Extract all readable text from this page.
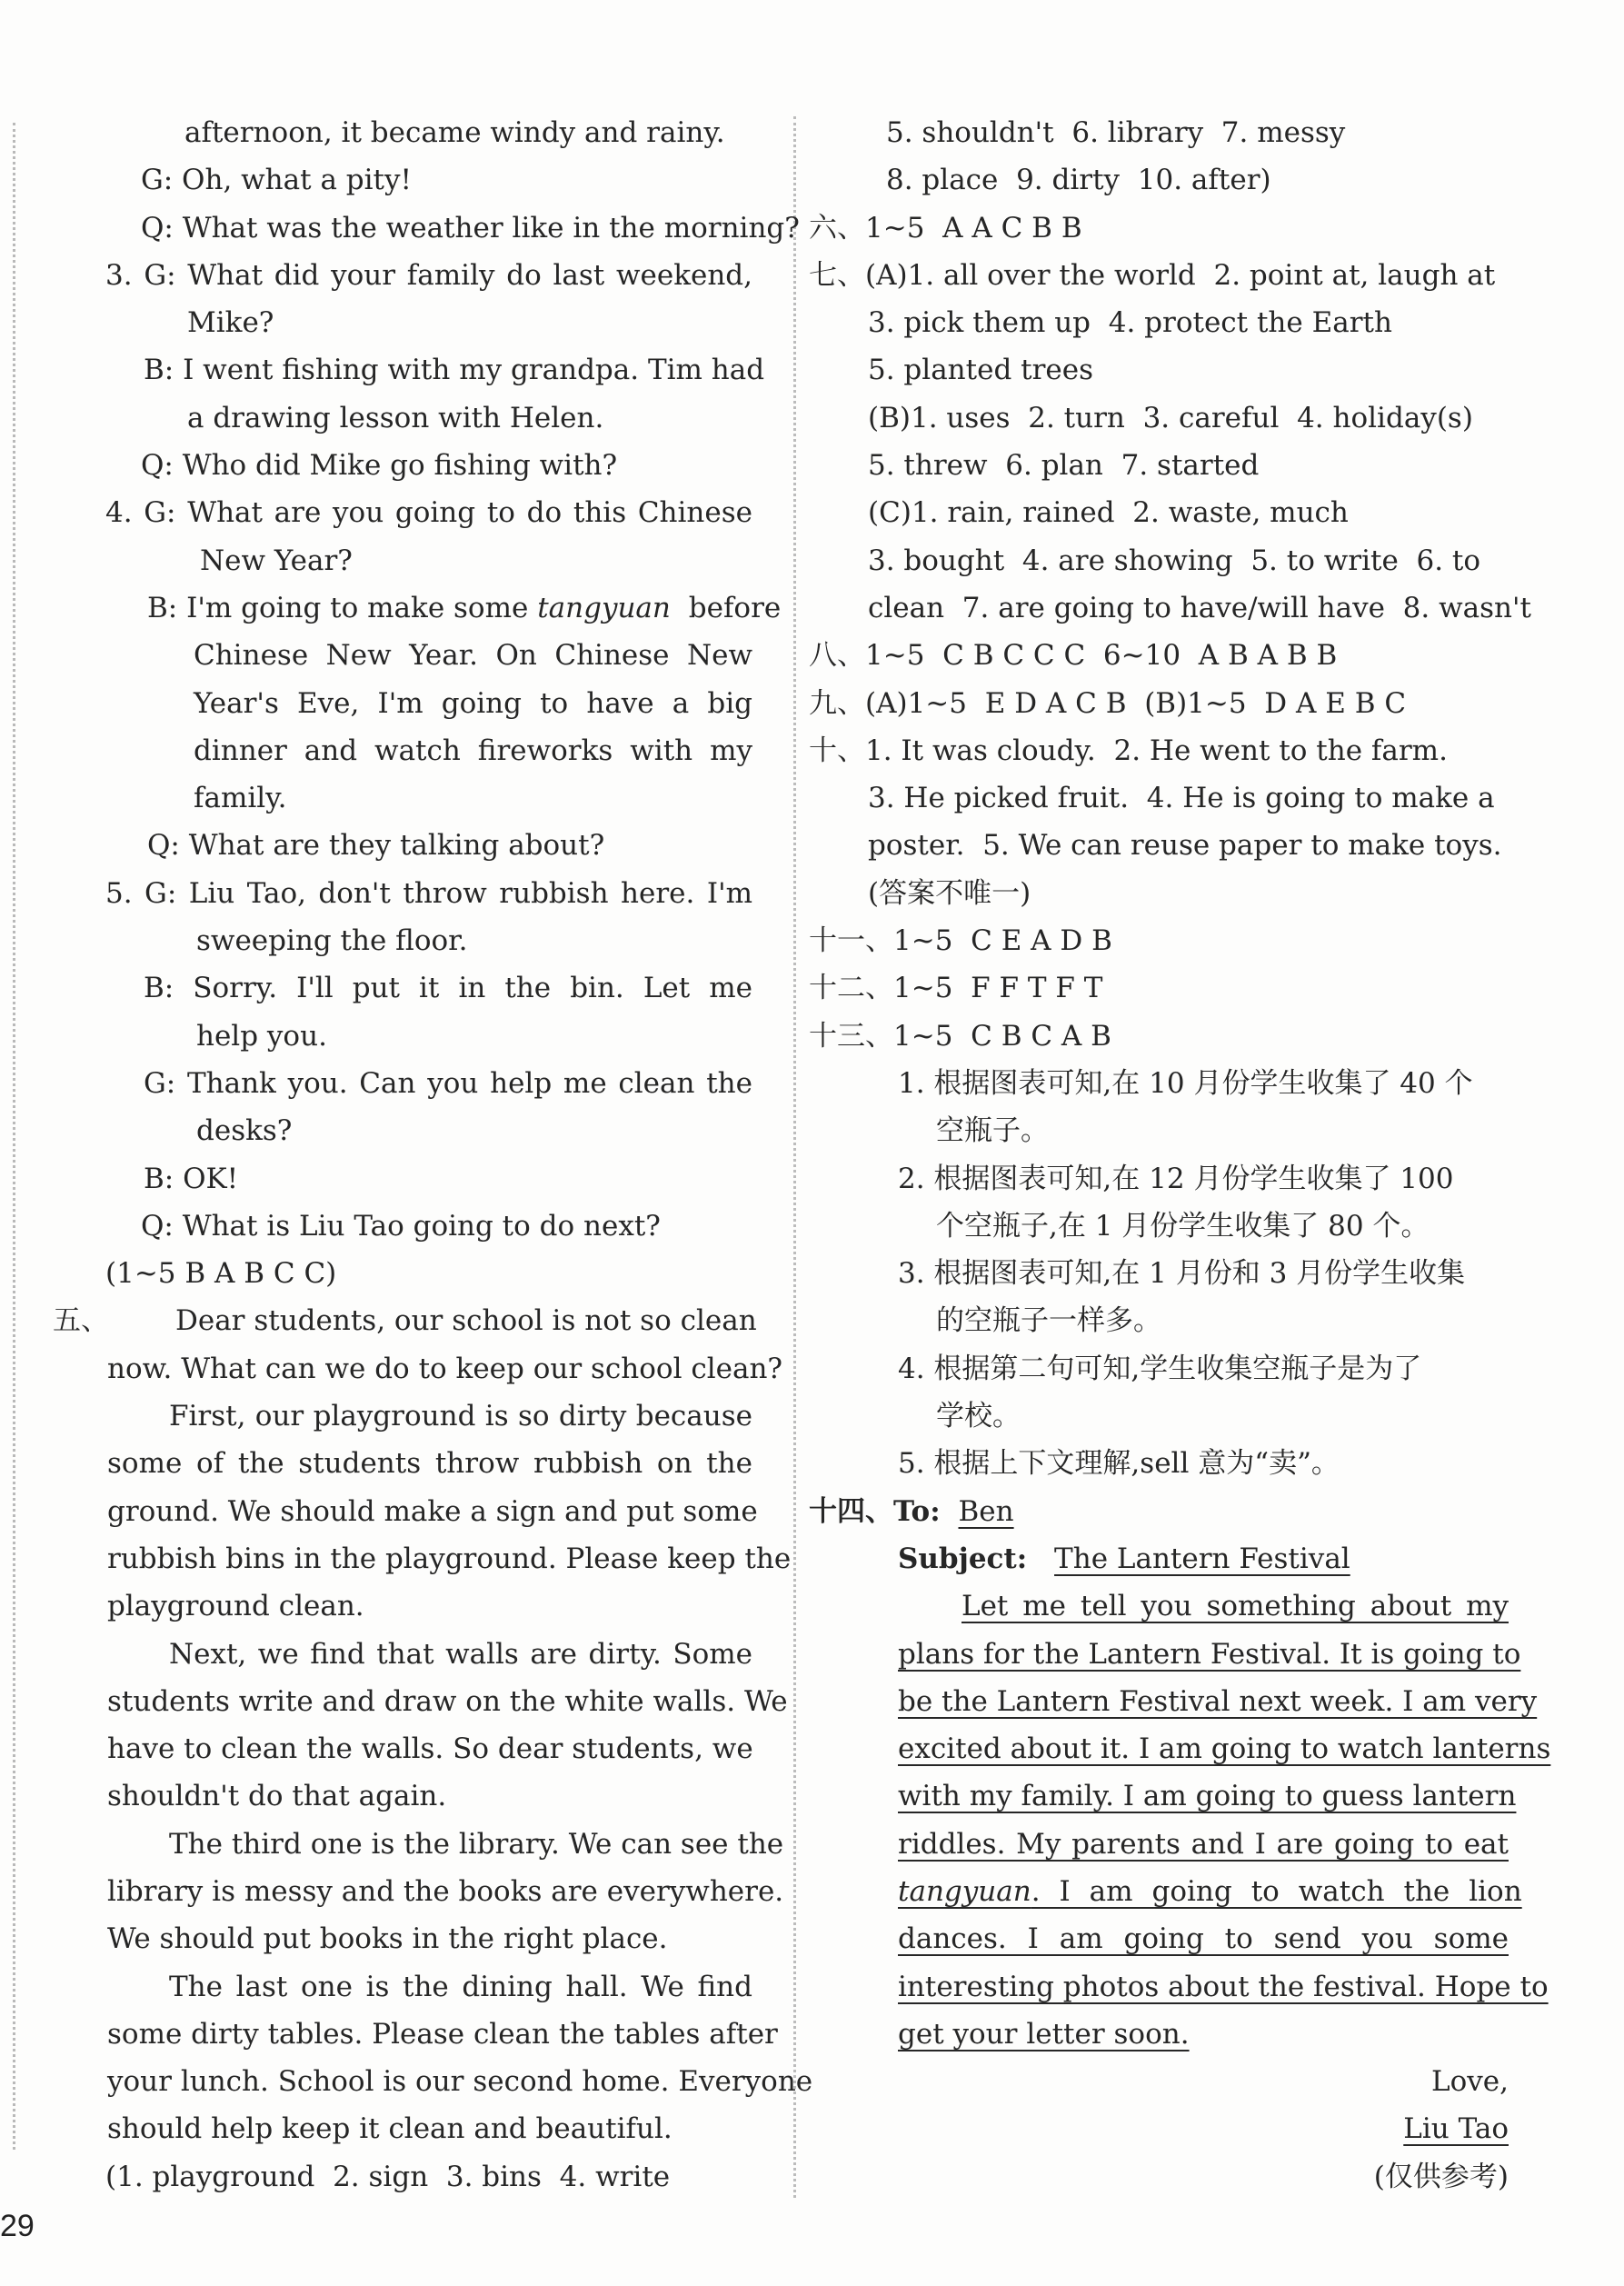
afternoon, it became windy and rainy.
G: Oh, what a pity!
Q: What was the weather like in the morning?
3. G: What did your family do last weekend,
Mike?
B: I went fishing with my grandpa. Tim had
a drawing lesson with Helen.
Q: Who did Mike go fishing with?
4. G: What are you going to do this Chinese
New Year?
B: I'm going to make some tangyuan before
Chinese New Year. On Chinese New
Year's Eve, I'm going to have a big
dinner and watch fireworks with my
family.
Q: What are they talking about?
5. G: Liu Tao, don't throw rubbish here. I'm
sweeping the floor.
B: Sorry. I'll put it in the bin. Let me
help you.
G: Thank you. Can you help me clean the
desks?
B: OK!
Q: What is Liu Tao going to do next?
(1~5 B A B C C)
五、 Dear students, our school is not so clean
now. What can we do to keep our school clean?
First, our playground is so dirty because
some of the students throw rubbish on the
ground. We should make a sign and put some
rubbish bins in the playground. Please keep the
playground clean.
Next, we find that walls are dirty. Some
students write and draw on the white walls. We
have to clean the walls. So dear students, we
shouldn't do that again.
The third one is the library. We can see the
library is messy and the books are everywhere.
We should put books in the right place.
The last one is the dining hall. We find
some dirty tables. Please clean the tables after
your lunch. School is our second home. Everyone
should help keep it clean and beautiful.
(1. playground  2. sign  3. bins  4. write
5. shouldn't  6. library  7. messy
8. place  9. dirty  10. after)
六、1~5  A A C B B
七、(A)1. all over the world  2. point at, laugh at
3. pick them up  4. protect the Earth
5. planted trees
(B)1. uses  2. turn  3. careful  4. holiday(s)
5. threw  6. plan  7. started
(C)1. rain, rained  2. waste, much
3. bought  4. are showing  5. to write  6. to
clean  7. are going to have/will have  8. wasn't
八、1~5  C B C C C  6~10  A B A B B
九、(A)1~5  E D A C B  (B)1~5  D A E B C
十、1. It was cloudy.  2. He went to the farm.
3. He picked fruit.  4. He is going to make a
poster.  5. We can reuse paper to make toys.
(答案不唯一)
十一、1~5  C E A D B
十二、1~5  F F T F T
十三、1~5  C B C A B
1. 根据图表可知,在 10 月份学生收集了 40 个
空瓶子。
2. 根据图表可知,在 12 月份学生收集了 100
个空瓶子,在 1 月份学生收集了 80 个。
3. 根据图表可知,在 1 月份和 3 月份学生收集
的空瓶子一样多。
4. 根据第二句可知,学生收集空瓶子是为了
学校。
5. 根据上下文理解,sell 意为“卖”。
十四、To: Ben
Subject: The Lantern Festival
Let me tell you something about my
plans for the Lantern Festival. It is going to
be the Lantern Festival next week. I am very
excited about it. I am going to watch lanterns
with my family. I am going to guess lantern
riddles. My parents and I are going to eat
tangyuan. I am going to watch the lion
dances. I am going to send you some
interesting photos about the festival. Hope to
get your letter soon.
Love,
Liu Tao
(仅供参考)
29
